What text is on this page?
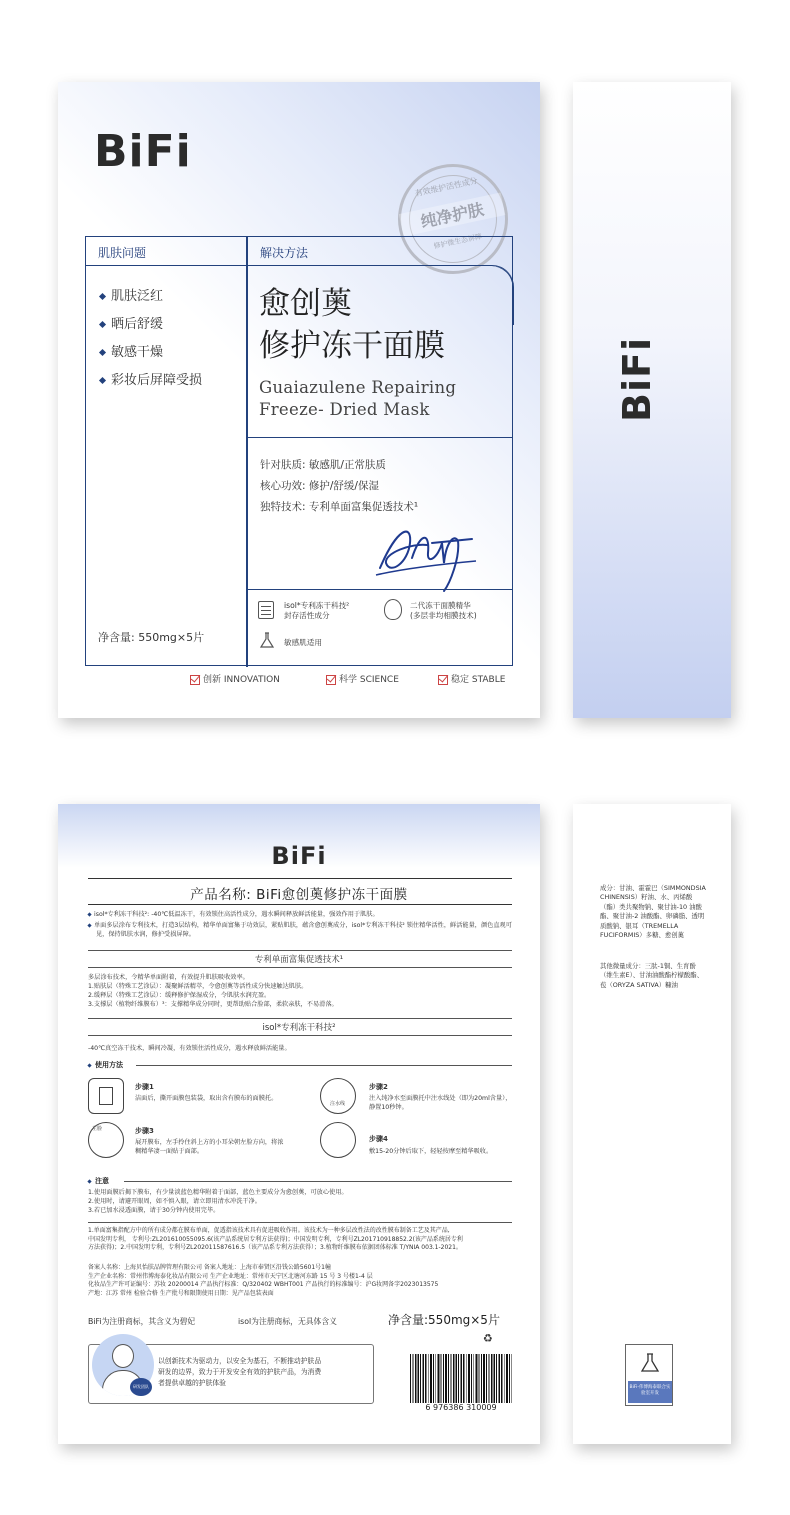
BiFi
有效维护活性成分
纯净护肤
修护微生态屏障
肌肤问题	解决方法
肌肤泛红
晒后舒缓
敏感干燥
彩妆后屏障受损
愈创薁
修护冻干面膜
Guaiazulene Repairing
Freeze- Dried Mask
针对肤质: 敏感肌/正常肤质
核心功效: 修护/舒缓/保湿
独特技术: 专利单面富集促透技术¹
净含量: 550mg×5片
isol*专利冻干科技²
封存活性成分
二代冻干面膜精华
(多层非均相膜技术)
敏感肌适用
创新 INNOVATION	科学 SCIENCE	稳定 STABLE
BiFi
BiFi
产品名称: BiFi愈创薁修护冻干面膜
isol*专利冻干科技²: -40℃低温冻干，有效锁住高活性成分，遇水瞬间释放鲜活能量，强效作用于肌肤。
单面多层涂布专利技术，打造3层结构，精华单面富集于功效层，紧贴肌肤，蕴含愈创薁成分，isol*专利冻干科技² 锁住精华活性，鲜活能量，颜色直观可见，保持肌肤水润，修护受损屏障。
专利单面富集促透技术¹
多层涂布技术，令精华单面附着，有效提升肌肤吸收效率。
1.贴肤层（特殊工艺涂层）：凝聚鲜活精萃，令愈创薁等活性成分快速触达肌肤。
2.缓释层（特殊工艺涂层）：缓释修护保湿成分，令肌肤水润充盈。
3.支撑层（植物纤维膜布）³：支撑精华成分同时，更帮助贴合脸部，柔软亲肤，不易滑落。
isol*专利冻干科技²
-40℃真空冻干技术，瞬间冷凝，有效锁住活性成分，遇水释放鲜活能量。
使用方法
步骤1
洁面后，撕开面膜包装袋，取出含有膜布的面膜托。
注水线
步骤2
注入纯净水至面膜托中注水线处（即为20ml含量），静置10秒钟。
左脸	步骤3
展开膜布，左手拎住斜上方的小耳朵朝左脸方向，将浓稠精华凄一面贴于面部。
步骤4
敷15-20分钟后取下，轻轻按摩至精华吸收。
注意
1.使用面膜后揭下膜布，有少量淡蓝色精华附着于面部，蓝色主要成分为愈创薁，可放心使用。
2.使用时，请避开眼周，如不慎入眼，请立即用清水冲洗干净。
3.若已加水浸透面膜，请于30分钟内使用完毕。
1.单面富集指配方中的所有成分都在膜布单面，促透指该技术具有促进吸收作用。该技术为一种多层改性法的改性膜布制备工艺及其产品,
中国发明专利， 专利号:ZL201610055095.6(该产品系统居专利方法获得)；中国发明专利，专利号ZL201710918852.2(该产品系统居专利
方法获得)；2.中国发明专利，专利号ZL202011587616.5（该产品系专利方法获得）；3.植物纤维膜布依据团体标准 T/YNIA 003.1-2021。
备案人名称：上海贝怡肤品牌管理有限公司 备案人地址：上海市奉贤区沿钱公路5601号1幢
生产企业名称：常州伟博海泰化妆品有限公司 生产企业地址：常州市天宁区北塘河东路 15 号 3 号楼1-4 层
化妆品生产许可证编号：苏妆 20200014 产品执行标准：Q/320402 WBHT001 产品执行的标准编号：沪G妆网备字2023013575
产地：江苏 常州 检验合格 生产批号和限期使用日期：见产品包装表面
BiFi为注册商标，其含义为碧妃	isol为注册商标，无具体含义	净含量:550mg×5片
♻
研发团队
以创新技术为驱动力，以安全为基石，不断推动护肤品
研发的边界，致力于开发安全有效的护肤产品，为消费
者提供卓越的护肤体验
6 976386 310009
成分：甘油、霍霍巴（SIMMONDSIA CHINENSIS）籽油、水、丙烯酸（酯）类共聚物钠、聚甘油-10 油酸酯、聚甘油-2 油酸酯、卵磷脂、透明质酸钠、银耳（TREMELLA FUCIFORMIS）多糖、愈创薁
其他微量成分：三肽-1铜、生育酚（维生素E）、甘油油酸酯柠檬酸酯、苞（ORYZA SATIVA）糠油
BiFi-伟博海泰联合实验室开发
